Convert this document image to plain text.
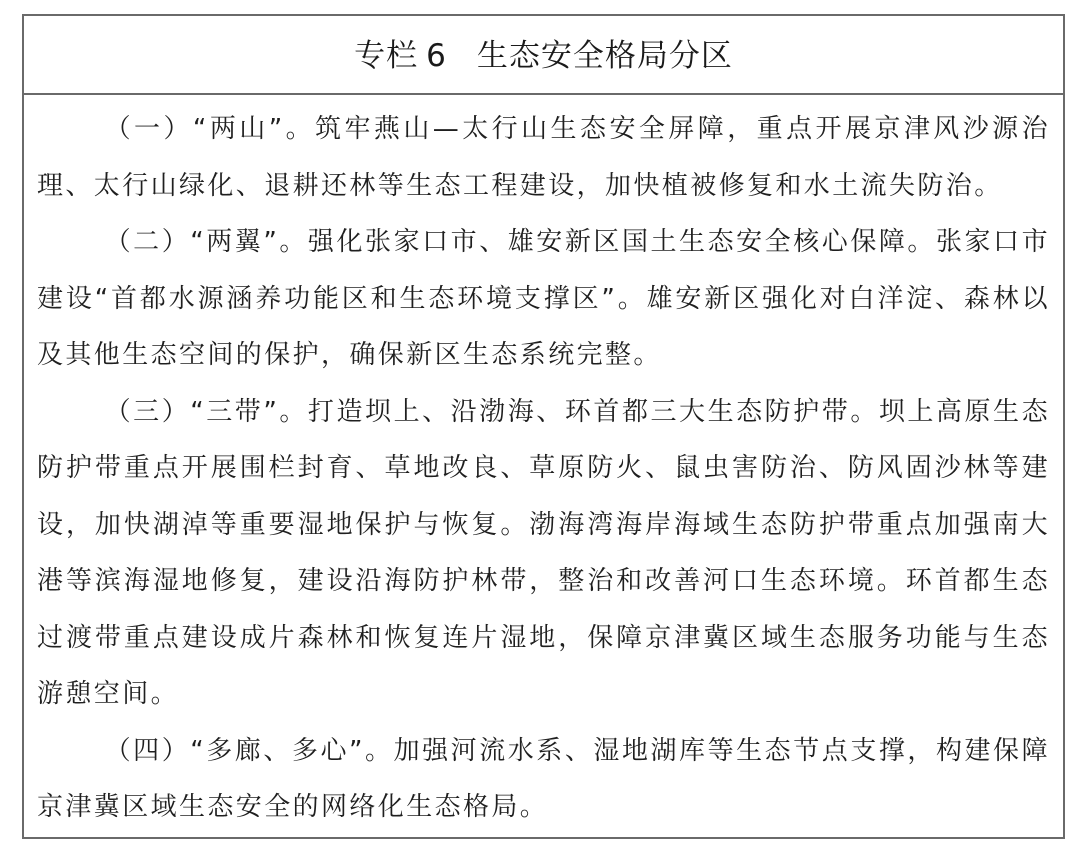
专栏 6 生态安全格局分区

（一）“两山”。筑牢燕山—太行山生态安全屏障，重点开展京津风沙源治理、太行山绿化、退耕还林等生态工程建设，加快植被修复和水土流失防治。

（二）“两翼”。强化张家口市、雄安新区国土生态安全核心保障。张家口市建设“首都水源涵养功能区和生态环境支撑区”。雄安新区强化对白洋淀、森林以及其他生态空间的保护，确保新区生态系统完整。

（三）“三带”。打造坝上、沿渤海、环首都三大生态防护带。坝上高原生态防护带重点开展围栏封育、草地改良、草原防火、鼠虫害防治、防风固沙林等建设，加快湖淖等重要湿地保护与恢复。渤海湾海岸海域生态防护带重点加强南大港等滨海湿地修复，建设沿海防护林带，整治和改善河口生态环境。环首都生态过渡带重点建设成片森林和恢复连片湿地，保障京津冀区域生态服务功能与生态游憩空间。

（四）“多廊、多心”。加强河流水系、湿地湖库等生态节点支撑，构建保障京津冀区域生态安全的网络化生态格局。
